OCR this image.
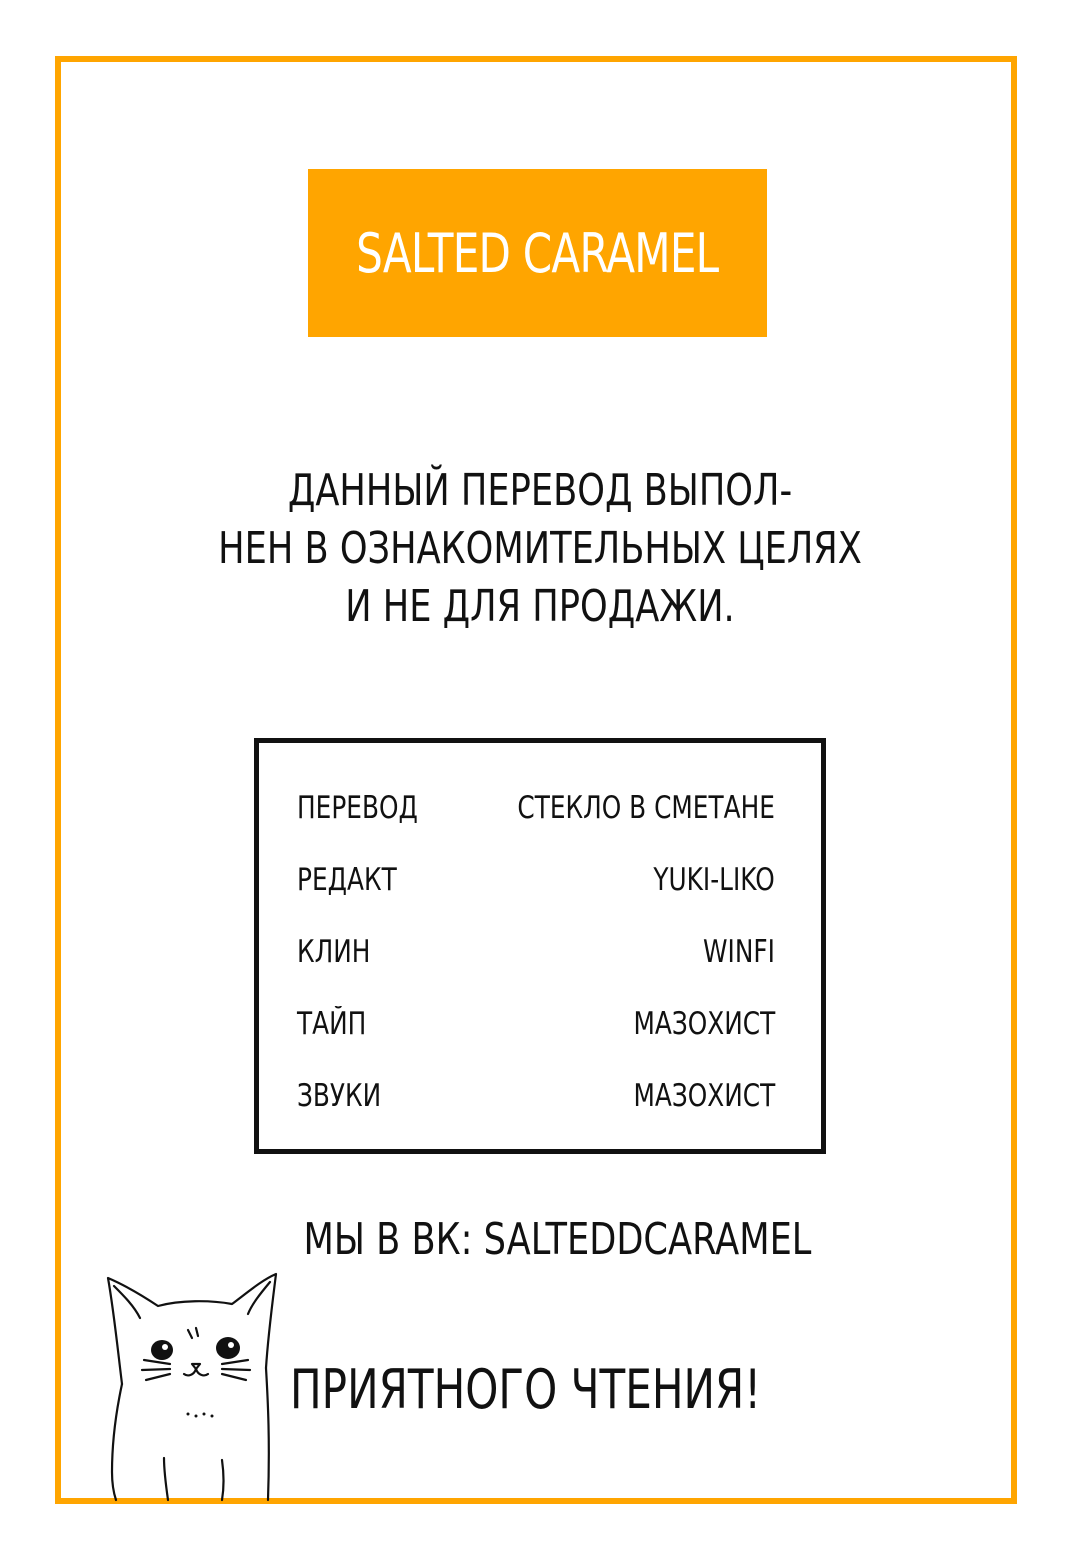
SALTED CARAMEL
ДАННЫЙ ПЕРЕВОД ВЫПОЛ-
НЕН В ОЗНАКОМИТЕЛЬНЫХ ЦЕЛЯХ
И НЕ ДЛЯ ПРОДАЖИ.
ПЕРЕВОД	СТЕКЛО В СМЕТАНЕ
РЕДАКТ	YUKI-LIKO
КЛИН	WINFI
ТАЙП	МАЗОХИСТ
ЗВУКИ	МАЗОХИСТ
МЫ В ВК: SALTEDDCARAMEL
ПРИЯТНОГО ЧТЕНИЯ!
